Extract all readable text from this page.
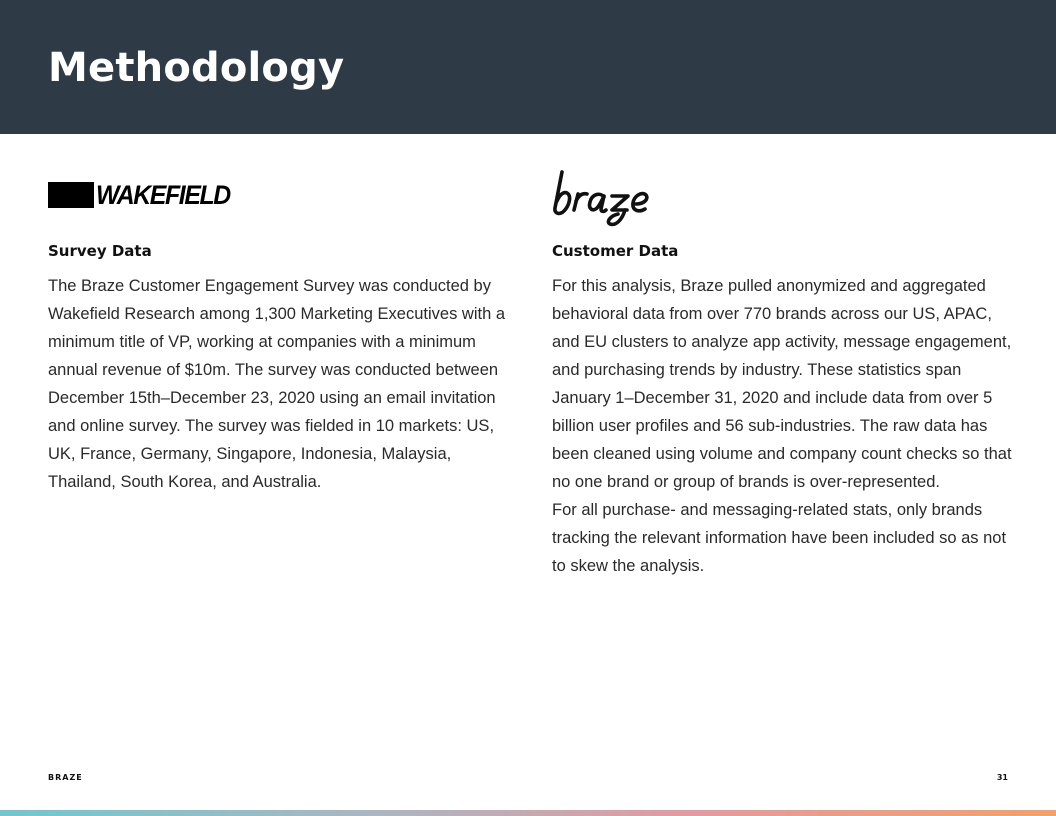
Methodology
WAKEFIELD
Survey Data

The Braze Customer Engagement Survey was conducted by Wakefield Research among 1,300 Marketing Executives with a minimum title of VP, working at companies with a minimum annual revenue of $10m. The survey was conducted between December 15th–December 23, 2020 using an email invitation and online survey. The survey was fielded in 10 markets: US, UK, France, Germany, Singapore, Indonesia, Malaysia, Thailand, South Korea, and Australia.

Customer Data

For this analysis, Braze pulled anonymized and aggregated behavioral data from over 770 brands across our US, APAC, and EU clusters to analyze app activity, message engagement, and purchasing trends by industry. These statistics span January 1–December 31, 2020 and include data from over 5 billion user profiles and 56 sub-industries. The raw data has been cleaned using volume and company count checks so that no one brand or group of brands is over-represented.

For all purchase- and messaging-related stats, only brands tracking the relevant information have been included so as not to skew the analysis.

BRAZE	31
